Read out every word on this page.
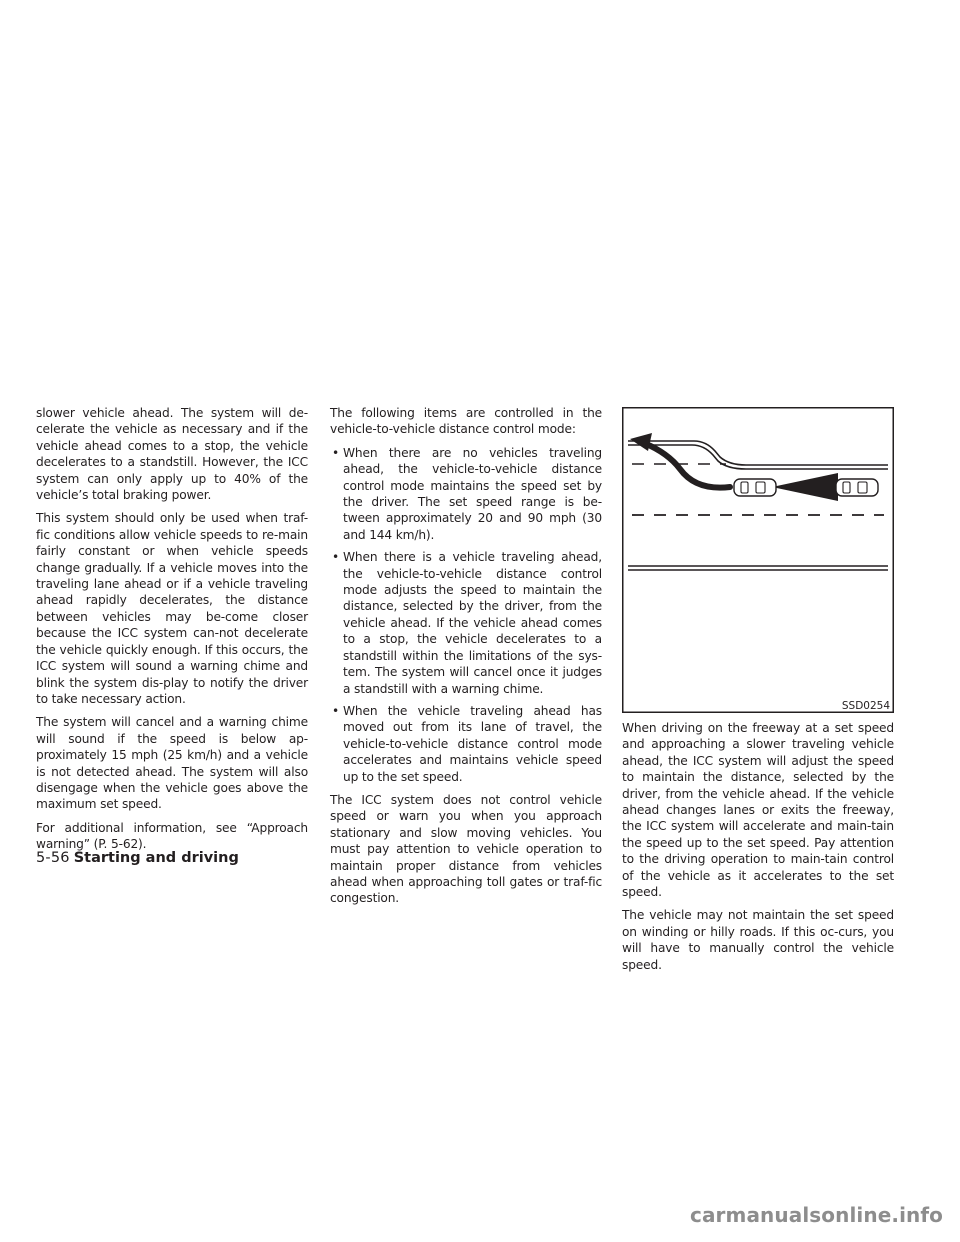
slower vehicle ahead. The system will de-celerate the vehicle as necessary and if the vehicle ahead comes to a stop, the vehicle decelerates to a standstill. However, the ICC system can only apply up to 40% of the vehicle’s total braking power.

This system should only be used when traf-fic conditions allow vehicle speeds to re-main fairly constant or when vehicle speeds change gradually. If a vehicle moves into the traveling lane ahead or if a vehicle traveling ahead rapidly decelerates, the distance between vehicles may be-come closer because the ICC system can-not decelerate the vehicle quickly enough. If this occurs, the ICC system will sound a warning chime and blink the system dis-play to notify the driver to take necessary action.

The system will cancel and a warning chime will sound if the speed is below ap-proximately 15 mph (25 km/h) and a vehicle is not detected ahead. The system will also disengage when the vehicle goes above the maximum set speed.

For additional information, see “Approach warning” (P. 5-62).

The following items are controlled in the vehicle-to-vehicle distance control mode:

• When there are no vehicles traveling ahead, the vehicle-to-vehicle distance control mode maintains the speed set by the driver. The set speed range is be-tween approximately 20 and 90 mph (30 and 144 km/h).
• When there is a vehicle traveling ahead, the vehicle-to-vehicle distance control mode adjusts the speed to maintain the distance, selected by the driver, from the vehicle ahead. If the vehicle ahead comes to a stop, the vehicle decelerates to a standstill within the limitations of the sys-tem. The system will cancel once it judges a standstill with a warning chime.
• When the vehicle traveling ahead has moved out from its lane of travel, the vehicle-to-vehicle distance control mode accelerates and maintains vehicle speed up to the set speed.

The ICC system does not control vehicle speed or warn you when you approach stationary and slow moving vehicles. You must pay attention to vehicle operation to maintain proper distance from vehicles ahead when approaching toll gates or traf-fic congestion.

SSD0254

When driving on the freeway at a set speed and approaching a slower traveling vehicle ahead, the ICC system will adjust the speed to maintain the distance, selected by the driver, from the vehicle ahead. If the vehicle ahead changes lanes or exits the freeway, the ICC system will accelerate and main-tain the speed up to the set speed. Pay attention to the driving operation to main-tain control of the vehicle as it accelerates to the set speed.

The vehicle may not maintain the set speed on winding or hilly roads. If this oc-curs, you will have to manually control the vehicle speed.

5-56 Starting and driving
carmanualsonline.info
